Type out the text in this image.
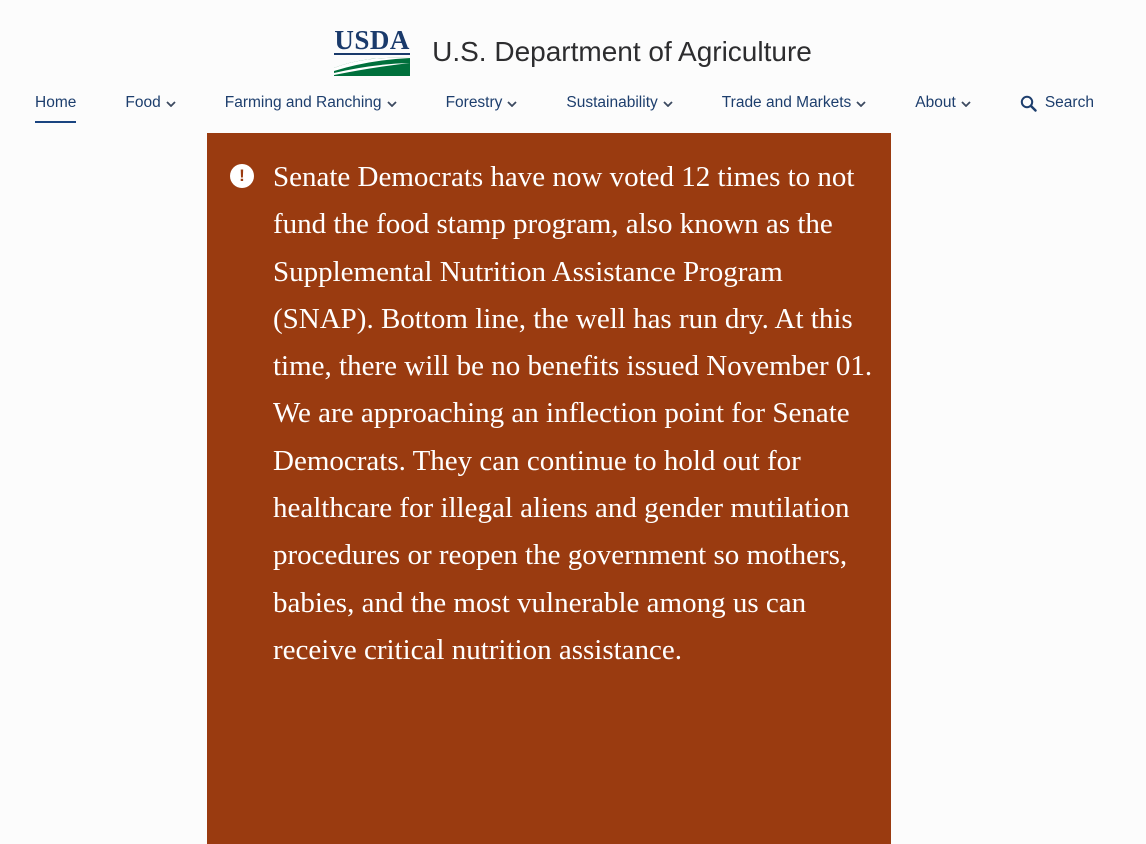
USDA U.S. Department of Agriculture
Home	Food	Farming and Ranching	Forestry	Sustainability	Trade and Markets	About	Search
! Senate Democrats have now voted 12 times to not fund the food stamp program, also known as the Supplemental Nutrition Assistance Program (SNAP). Bottom line, the well has run dry. At this time, there will be no benefits issued November 01. We are approaching an inflection point for Senate Democrats. They can continue to hold out for healthcare for illegal aliens and gender mutilation procedures or reopen the government so mothers, babies, and the most vulnerable among us can receive critical nutrition assistance.
